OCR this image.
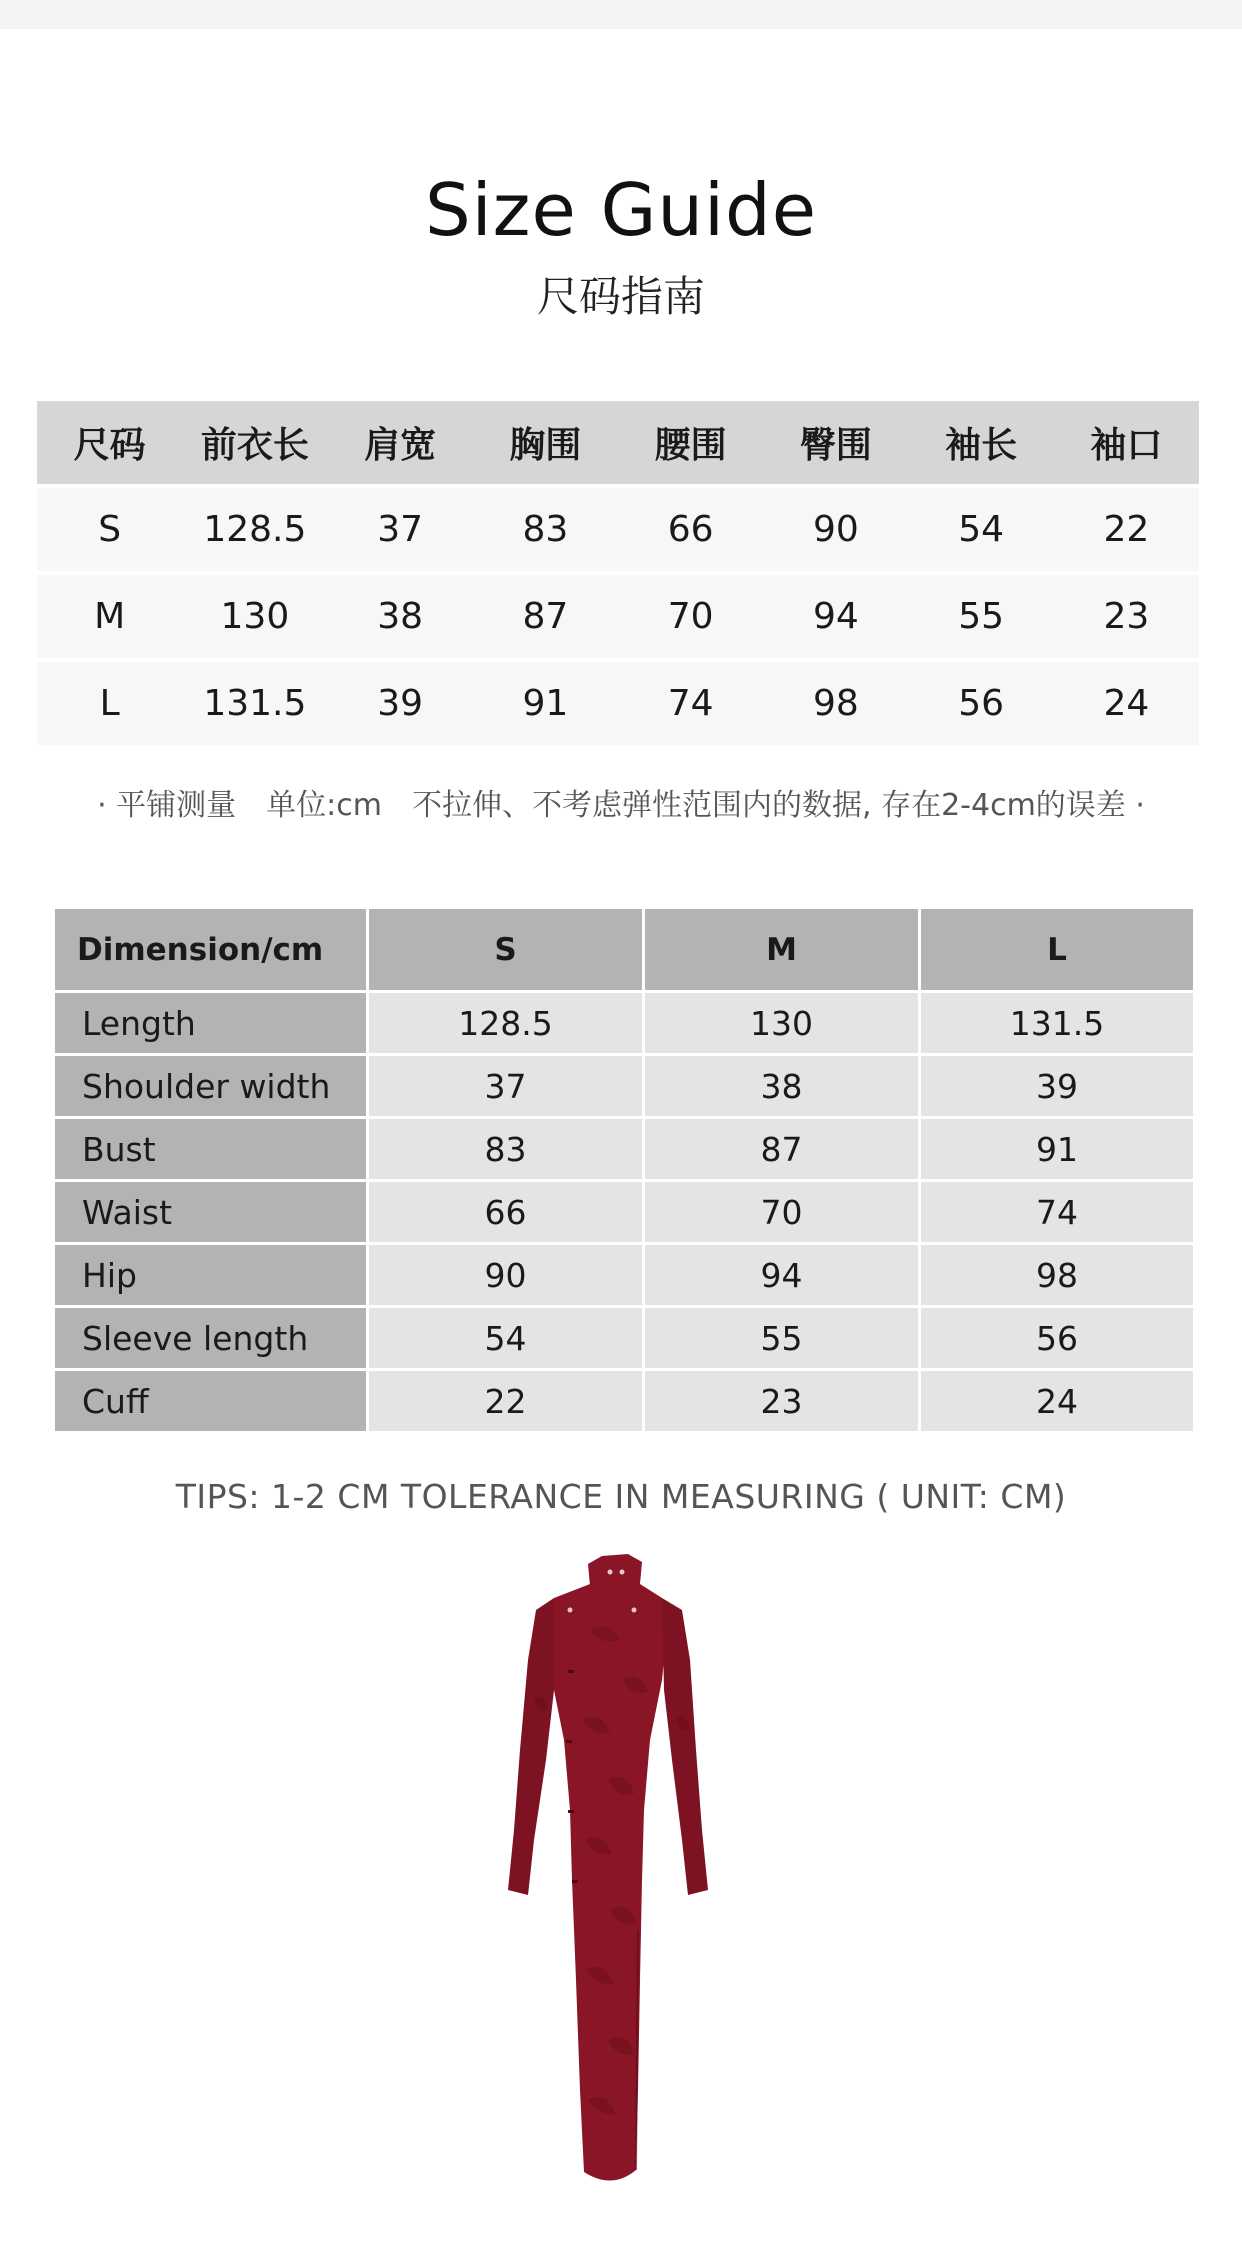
Size Guide
尺码指南
尺码	前衣长	肩宽	胸围	腰围	臀围	袖长	袖口
S	128.5	37	83	66	90	54	22
M	130	38	87	70	94	55	23
L	131.5	39	91	74	98	56	24
· 平铺测量　单位:cm　不拉伸、不考虑弹性范围内的数据, 存在2-4cm的误差 ·
Dimension/cm	S	M	L
Length	128.5	130	131.5
Shoulder width	37	38	39
Bust	83	87	91
Waist	66	70	74
Hip	90	94	98
Sleeve length	54	55	56
Cuff	22	23	24
TIPS: 1-2 CM TOLERANCE IN MEASURING ( UNIT: CM)
